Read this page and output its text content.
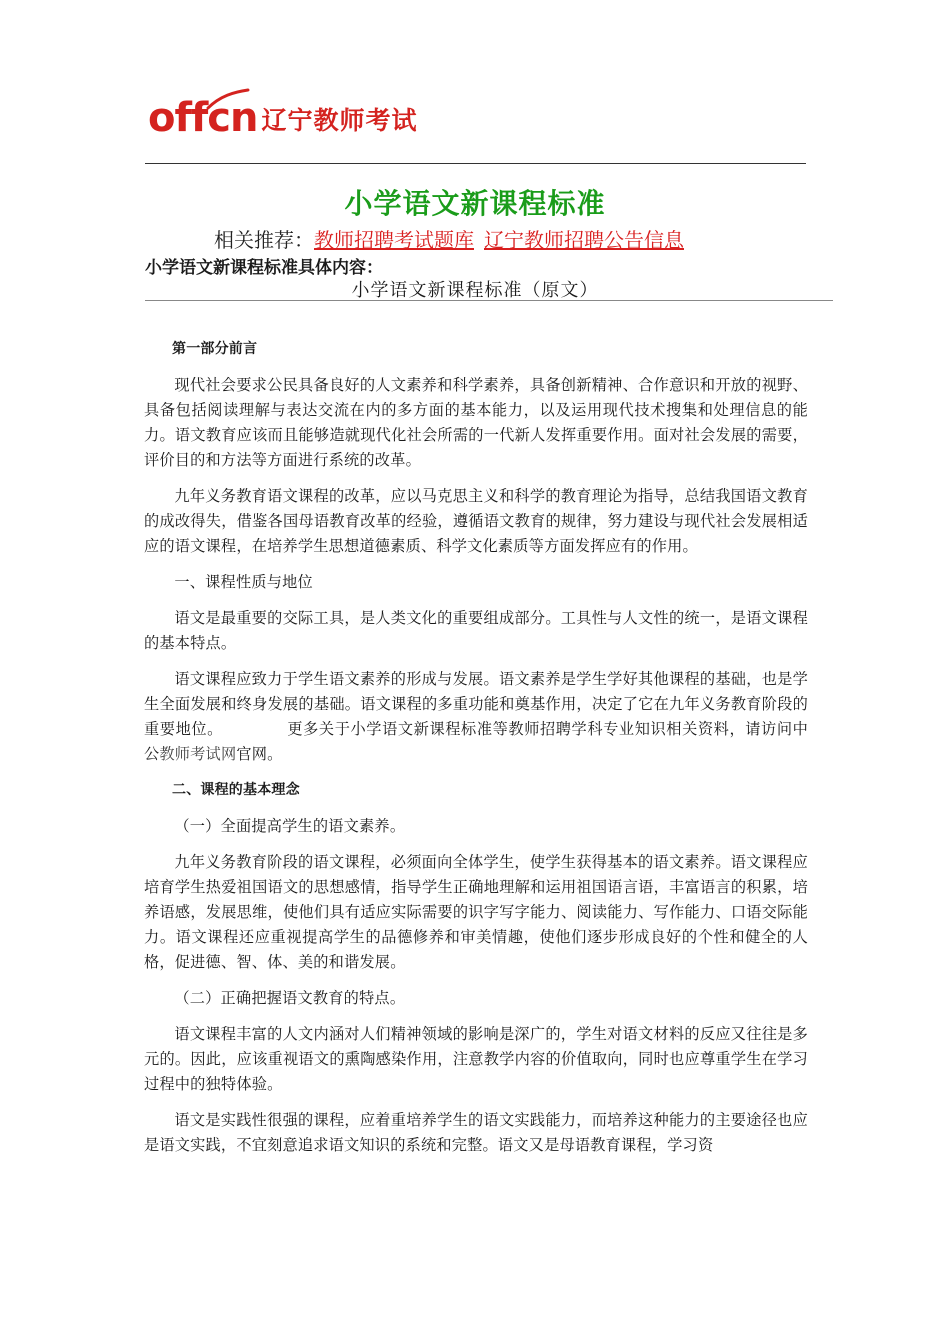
offcn 辽宁教师考试
小学语文新课程标准
相关推荐：教师招聘考试题库 辽宁教师招聘公告信息
小学语文新课程标准具体内容：
小学语文新课程标准（原文）

第一部分前言

现代社会要求公民具备良好的人文素养和科学素养，具备创新精神、合作意识和开放的视野、具备包括阅读理解与表达交流在内的多方面的基本能力，以及运用现代技术搜集和处理信息的能力。语文教育应该而且能够造就现代化社会所需的一代新人发挥重要作用。面对社会发展的需要，评价目的和方法等方面进行系统的改革。

九年义务教育语文课程的改革，应以马克思主义和科学的教育理论为指导，总结我国语文教育的成改得失，借鉴各国母语教育改革的经验，遵循语文教育的规律，努力建设与现代社会发展相适应的语文课程，在培养学生思想道德素质、科学文化素质等方面发挥应有的作用。

一、课程性质与地位

语文是最重要的交际工具，是人类文化的重要组成部分。工具性与人文性的统一，是语文课程的基本特点。

语文课程应致力于学生语文素养的形成与发展。语文素养是学生学好其他课程的基础，也是学生全面发展和终身发展的基础。语文课程的多重功能和奠基作用，决定了它在九年义务教育阶段的重要地位。	更多关于小学语文新课程标准等教师招聘学科专业知识相关资料，请访问中公教师考试网官网。

二、课程的基本理念

（一）全面提高学生的语文素养。

九年义务教育阶段的语文课程，必须面向全体学生，使学生获得基本的语文素养。语文课程应培育学生热爱祖国语文的思想感情，指导学生正确地理解和运用祖国语言语，丰富语言的积累，培养语感，发展思维，使他们具有适应实际需要的识字写字能力、阅读能力、写作能力、口语交际能力。语文课程还应重视提高学生的品德修养和审美情趣，使他们逐步形成良好的个性和健全的人格，促进德、智、体、美的和谐发展。

（二）正确把握语文教育的特点。

语文课程丰富的人文内涵对人们精神领域的影响是深广的，学生对语文材料的反应又往往是多元的。因此，应该重视语文的熏陶感染作用，注意教学内容的价值取向，同时也应尊重学生在学习过程中的独特体验。

语文是实践性很强的课程，应着重培养学生的语文实践能力，而培养这种能力的主要途径也应是语文实践，不宜刻意追求语文知识的系统和完整。语文又是母语教育课程，学习资
